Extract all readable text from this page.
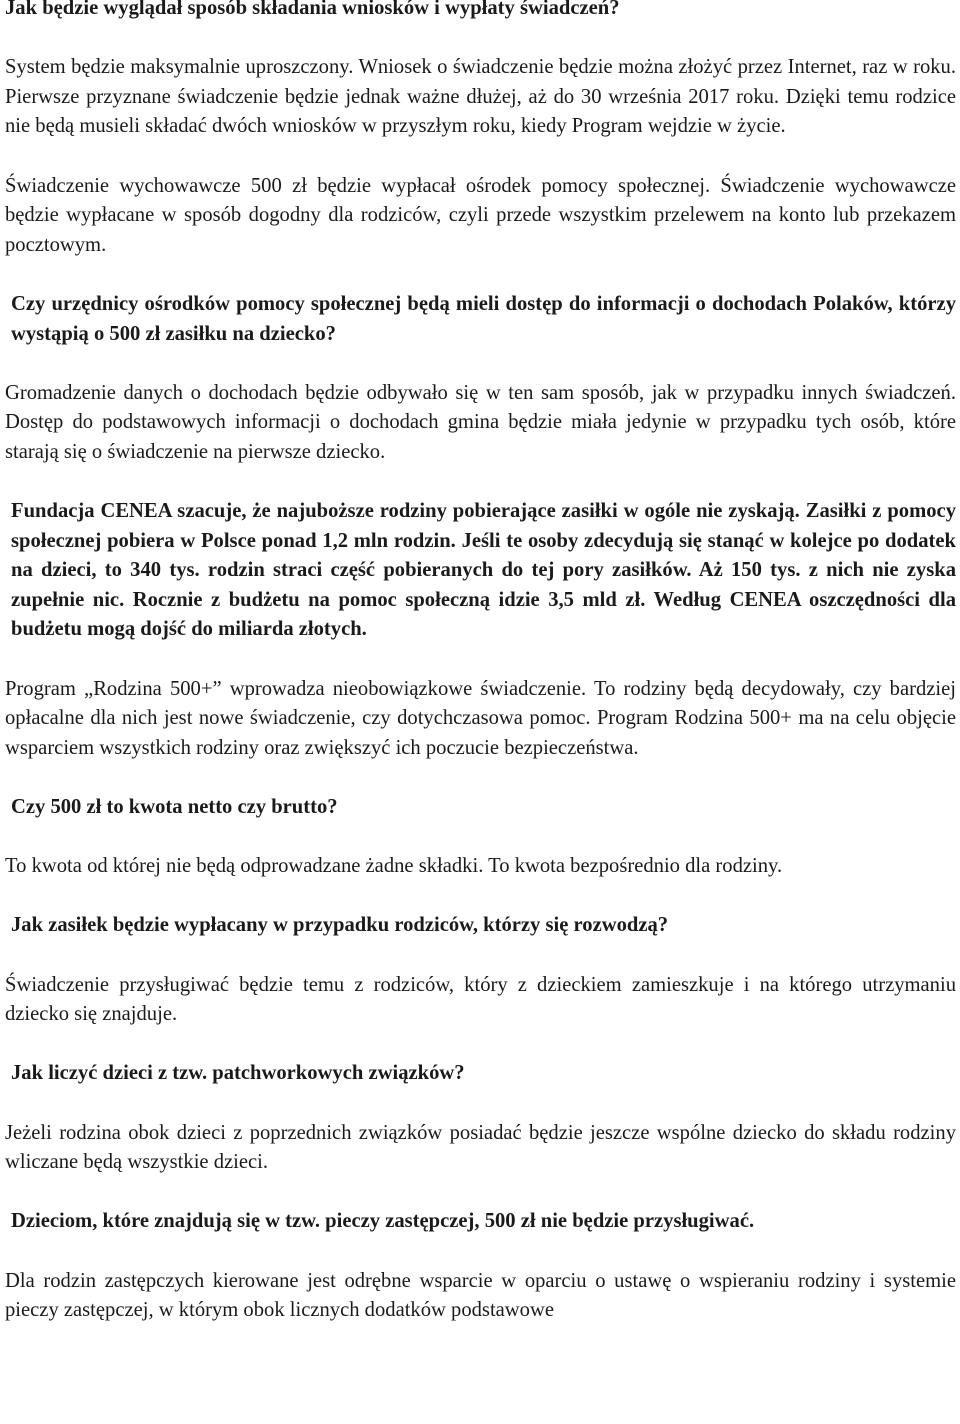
Jak będzie wyglądał sposób składania wniosków i wypłaty świadczeń?

System będzie maksymalnie uproszczony. Wniosek o świadczenie będzie można złożyć przez Internet, raz w roku. Pierwsze przyznane świadczenie będzie jednak ważne dłużej, aż do 30 września 2017 roku. Dzięki temu rodzice nie będą musieli składać dwóch wniosków w przyszłym roku, kiedy Program wejdzie w życie.

Świadczenie wychowawcze 500 zł będzie wypłacał ośrodek pomocy społecznej. Świadczenie wychowawcze będzie wypłacane w sposób dogodny dla rodziców, czyli przede wszystkim przelewem na konto lub przekazem pocztowym.

Czy urzędnicy ośrodków pomocy społecznej będą mieli dostęp do informacji o dochodach Polaków, którzy wystąpią o 500 zł zasiłku na dziecko?

Gromadzenie danych o dochodach będzie odbywało się w ten sam sposób, jak w przypadku innych świadczeń. Dostęp do podstawowych informacji o dochodach gmina będzie miała jedynie w przypadku tych osób, które starają się o świadczenie na pierwsze dziecko.

Fundacja CENEA szacuje, że najuboższe rodziny pobierające zasiłki w ogóle nie zyskają. Zasiłki z pomocy społecznej pobiera w Polsce ponad 1,2 mln rodzin. Jeśli te osoby zdecydują się stanąć w kolejce po dodatek na dzieci, to 340 tys. rodzin straci część pobieranych do tej pory zasiłków. Aż 150 tys. z nich nie zyska zupełnie nic. Rocznie z budżetu na pomoc społeczną idzie 3,5 mld zł. Według CENEA oszczędności dla budżetu mogą dojść do miliarda złotych.

Program „Rodzina 500+” wprowadza nieobowiązkowe świadczenie. To rodziny będą decydowały, czy bardziej opłacalne dla nich jest nowe świadczenie, czy dotychczasowa pomoc. Program Rodzina 500+ ma na celu objęcie wsparciem wszystkich rodziny oraz zwiększyć ich poczucie bezpieczeństwa.

Czy 500 zł to kwota netto czy brutto?

To kwota od której nie będą odprowadzane żadne składki. To kwota bezpośrednio dla rodziny.

Jak zasiłek będzie wypłacany w przypadku rodziców, którzy się rozwodzą?

Świadczenie przysługiwać będzie temu z rodziców, który z dzieckiem zamieszkuje i na którego utrzymaniu dziecko się znajduje.

Jak liczyć dzieci z tzw. patchworkowych związków?

Jeżeli rodzina obok dzieci z poprzednich związków posiadać będzie jeszcze wspólne dziecko do składu rodziny wliczane będą wszystkie dzieci.

Dzieciom, które znajdują się w tzw. pieczy zastępczej, 500 zł nie będzie przysługiwać.

Dla rodzin zastępczych kierowane jest odrębne wsparcie w oparciu o ustawę o wspieraniu rodziny i systemie pieczy zastępczej, w którym obok licznych dodatków podstawowe
